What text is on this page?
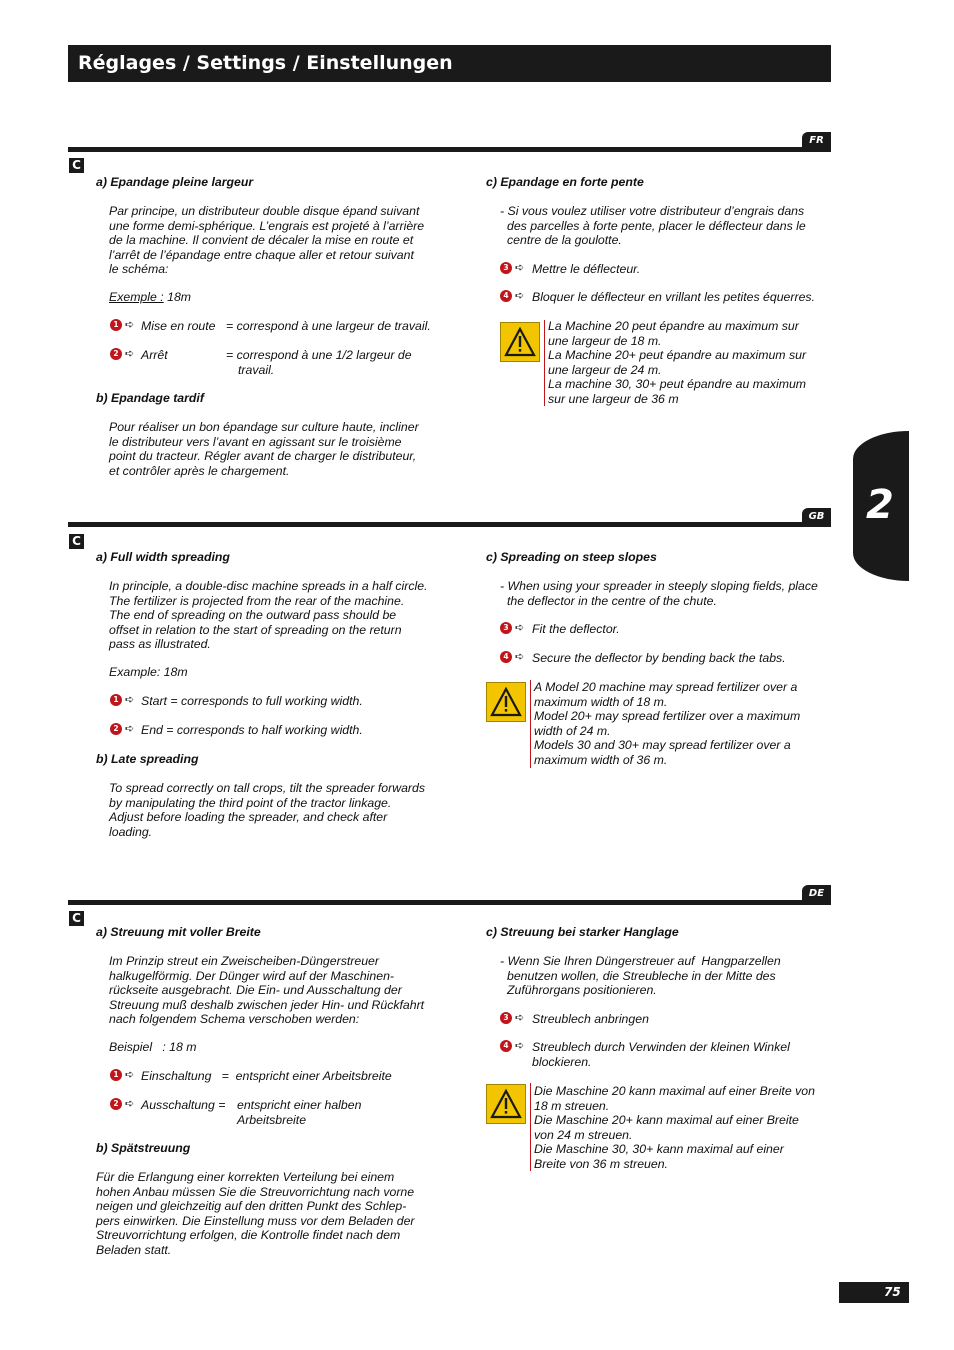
Réglages / Settings / Einstellungen
2
FR
C
a) Epandage pleine largeur
Par principe, un distributeur double disque épand suivant
une forme demi-sphérique. L’engrais est projeté à l’arrière
de la machine. Il convient de décaler la mise en route et
l’arrêt de l’épandage entre chaque aller et retour suivant
le schéma:
Exemple : 18m
1 ➪ Mise en route = correspond à une largeur de travail.
2 ➪ Arrêt	= correspond à une 1/2 largeur de
travail.
b) Epandage tardif
Pour réaliser un bon épandage sur culture haute, incliner
le distributeur vers l’avant en agissant sur le troisième
point du tracteur. Régler avant de charger le distributeur,
et contrôler après le chargement.
c) Epandage en forte pente
- Si vous voulez utiliser votre distributeur d’engrais dans
des parcelles à forte pente, placer le déflecteur dans le
centre de la goulotte.
3 ➪ Mettre le déflecteur.
4 ➪ Bloquer le déflecteur en vrillant les petites équerres.
La Machine 20 peut épandre au maximum sur
une largeur de 18 m.
La Machine 20+ peut épandre au maximum sur
une largeur de 24 m.
La machine 30, 30+ peut épandre au maximum
sur une largeur de 36 m
GB
C
a) Full width spreading
In principle, a double-disc machine spreads in a half circle.
The fertilizer is projected from the rear of the machine.
The end of spreading on the outward pass should be
offset in relation to the start of spreading on the return
pass as illustrated.
Example: 18m
1 ➪ Start = corresponds to full working width.
2 ➪ End = corresponds to half working width.
b) Late spreading
To spread correctly on tall crops, tilt the spreader forwards
by manipulating the third point of the tractor linkage.
Adjust before loading the spreader, and check after
loading.
c) Spreading on steep slopes
- When using your spreader in steeply sloping fields, place
the deflector in the centre of the chute.
3 ➪ Fit the deflector.
4 ➪ Secure the deflector by bending back the tabs.
A Model 20 machine may spread fertilizer over a
maximum width of 18 m.
Model 20+ may spread fertilizer over a maximum
width of 24 m.
Models 30 and 30+ may spread fertilizer over a
maximum width of 36 m.
DE
C
a) Streuung mit voller Breite
Im Prinzip streut ein Zweischeiben-Düngerstreuer
halkugelförmig. Der Dünger wird auf der Maschinen-
rückseite ausgebracht. Die Ein- und Ausschaltung der
Streuung muß deshalb zwischen jeder Hin- und Rückfahrt
nach folgendem Schema verschoben werden:
Beispiel   : 18 m
1 ➪ Einschaltung   =  entspricht einer Arbeitsbreite
2 ➪ Ausschaltung = entspricht einer halben
Arbeitsbreite
b) Spätstreuung
Für die Erlangung einer korrekten Verteilung bei einem
hohen Anbau müssen Sie die Streuvorrichtung nach vorne
neigen und gleichzeitig auf den dritten Punkt des Schlep-
pers einwirken. Die Einstellung muss vor dem Beladen der
Streuvorrichtung erfolgen, die Kontrolle findet nach dem
Beladen statt.
c) Streuung bei starker Hanglage
- Wenn Sie Ihren Düngerstreuer auf  Hangparzellen
benutzen wollen, die Streubleche in der Mitte des
Zuführorgans positionieren.
3 ➪ Streublech anbringen
4 ➪ Streublech durch Verwinden der kleinen Winkel
blockieren.
Die Maschine 20 kann maximal auf einer Breite von
18 m streuen.
Die Maschine 20+ kann maximal auf einer Breite
von 24 m streuen.
Die Maschine 30, 30+ kann maximal auf einer
Breite von 36 m streuen.
75
